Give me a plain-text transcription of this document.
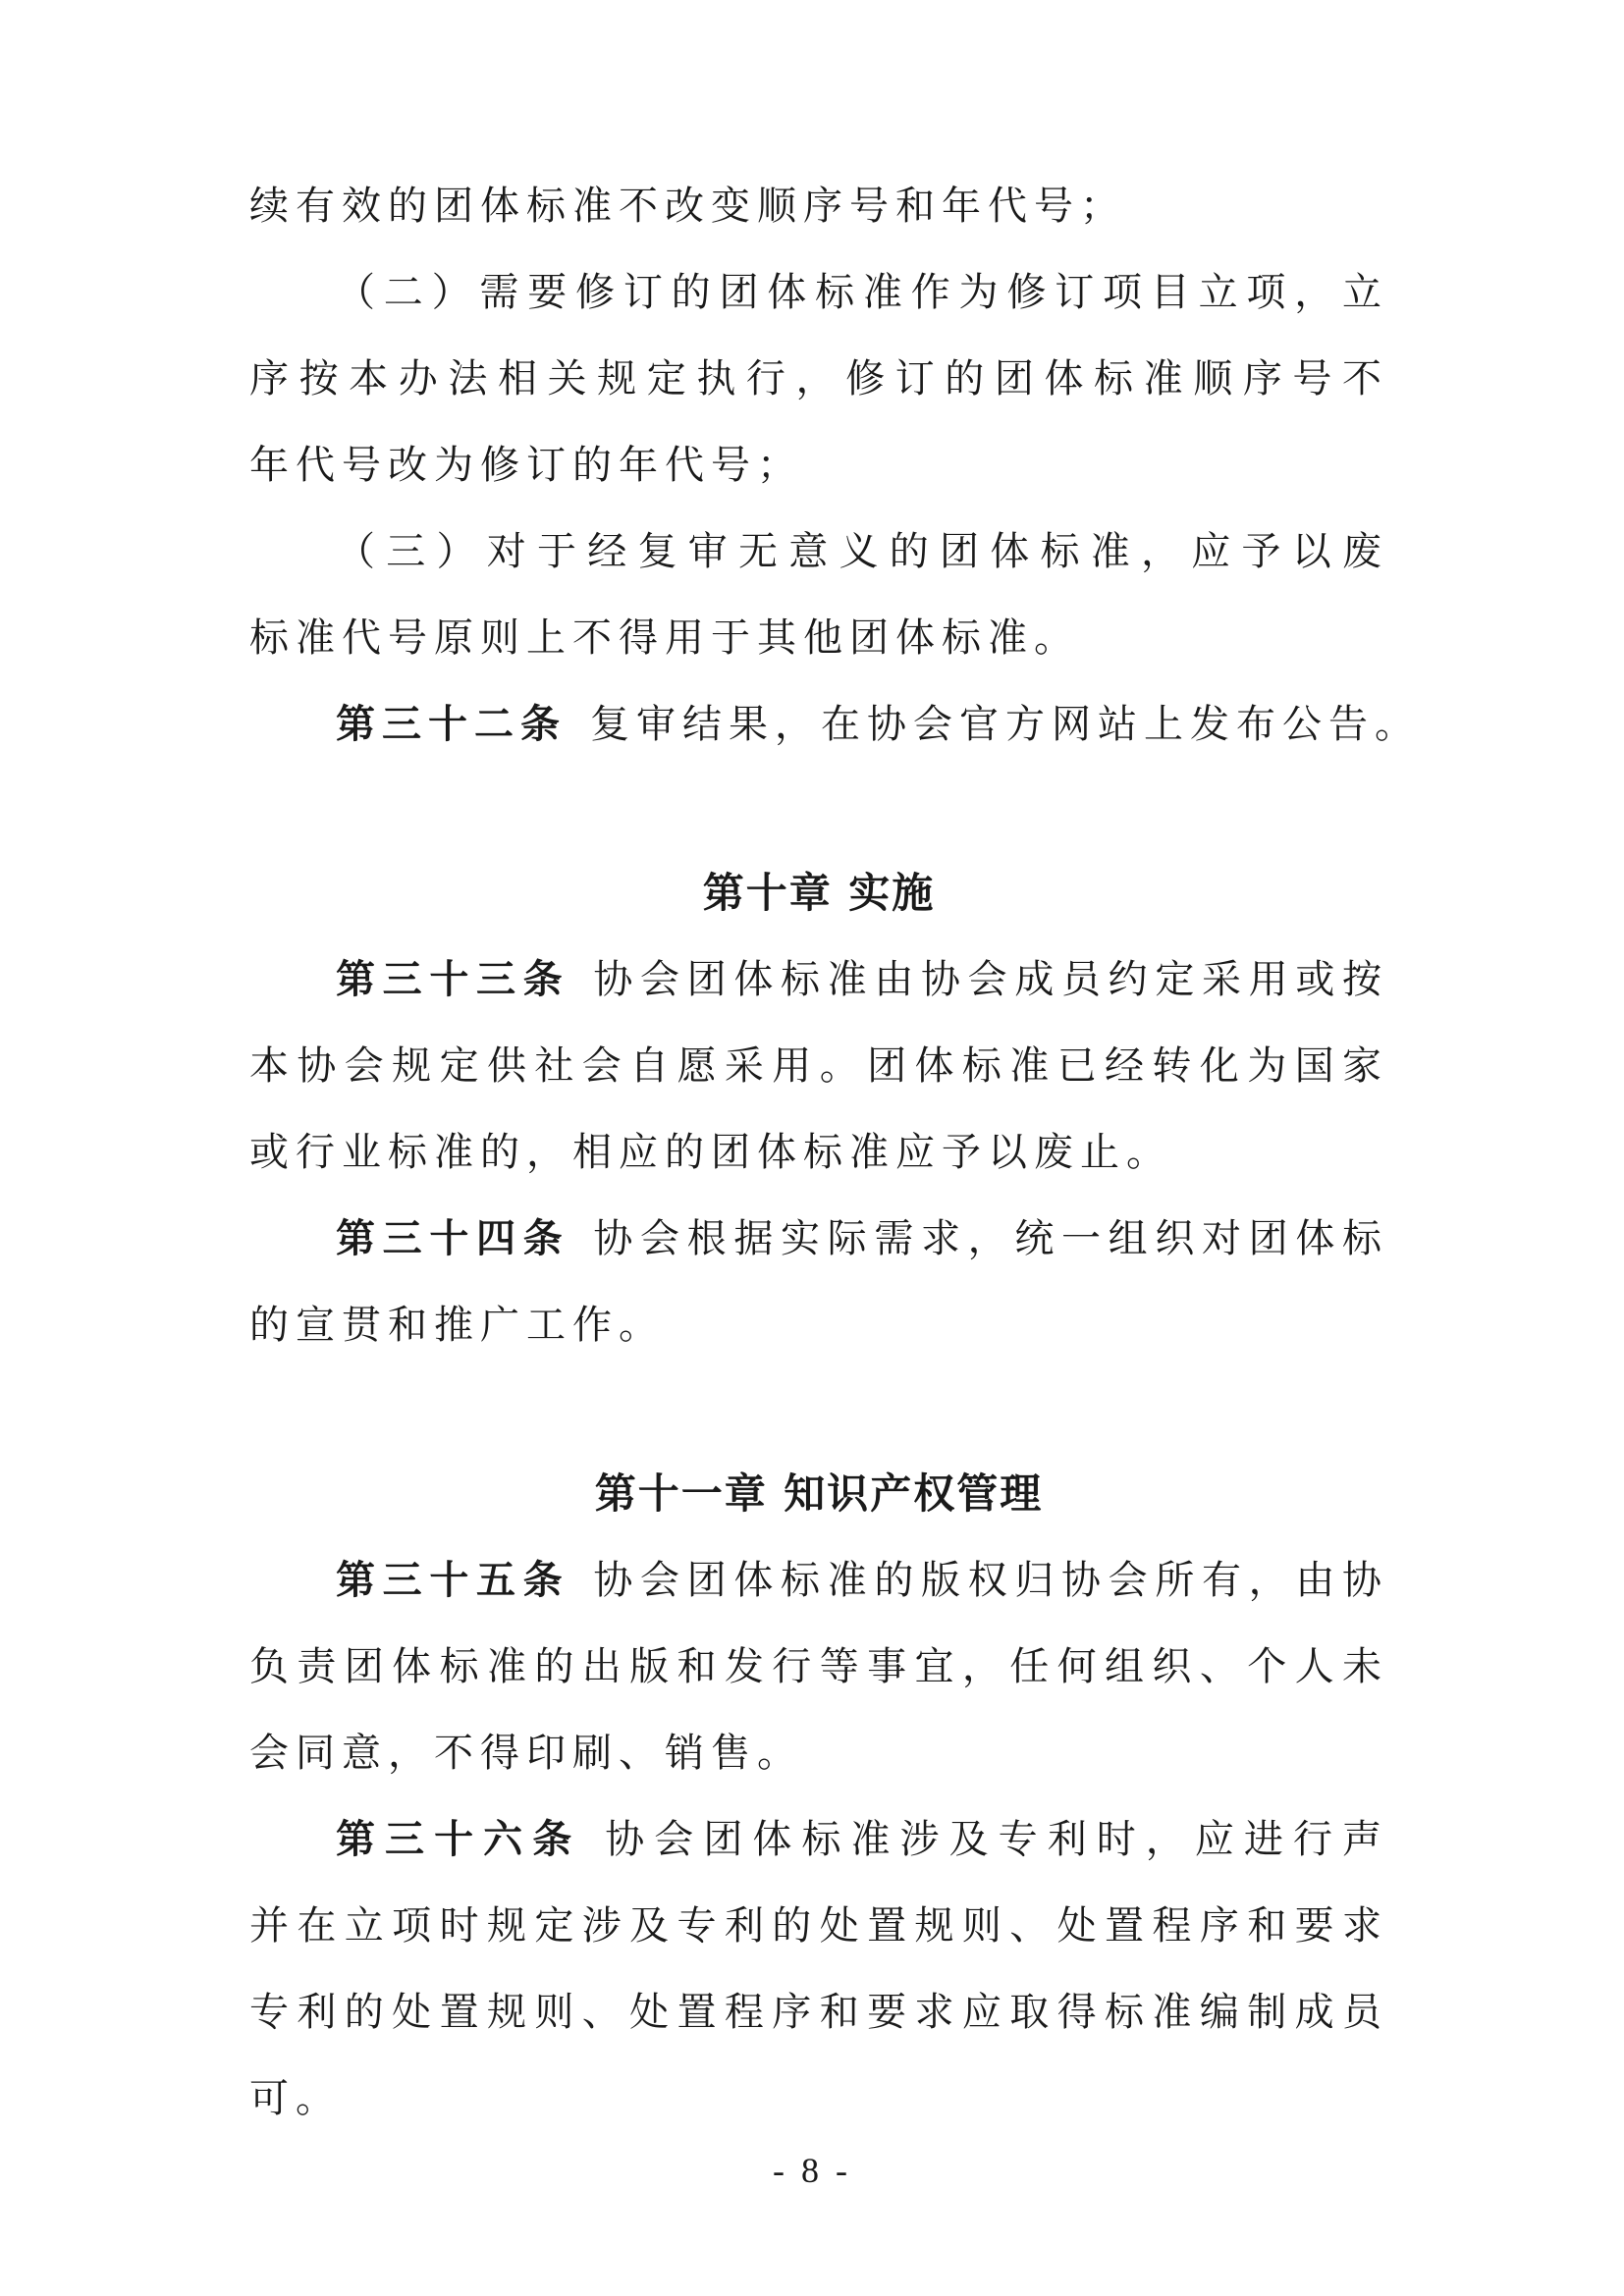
续有效的团体标准不改变顺序号和年代号；
（二）需要修订的团体标准作为修订项目立项，立
序按本办法相关规定执行，修订的团体标准顺序号不
年代号改为修订的年代号；
（三）对于经复审无意义的团体标准，应予以废
标准代号原则上不得用于其他团体标准。
第三十二条 复审结果，在协会官方网站上发布公告。
第十章 实施
第三十三条 协会团体标准由协会成员约定采用或按
本协会规定供社会自愿采用。团体标准已经转化为国家
或行业标准的，相应的团体标准应予以废止。
第三十四条 协会根据实际需求，统一组织对团体标
的宣贯和推广工作。
第十一章 知识产权管理
第三十五条 协会团体标准的版权归协会所有，由协
负责团体标准的出版和发行等事宜，任何组织、个人未
会同意，不得印刷、销售。
第三十六条 协会团体标准涉及专利时，应进行声
并在立项时规定涉及专利的处置规则、处置程序和要求
专利的处置规则、处置程序和要求应取得标准编制成员
可。
- 8 -
